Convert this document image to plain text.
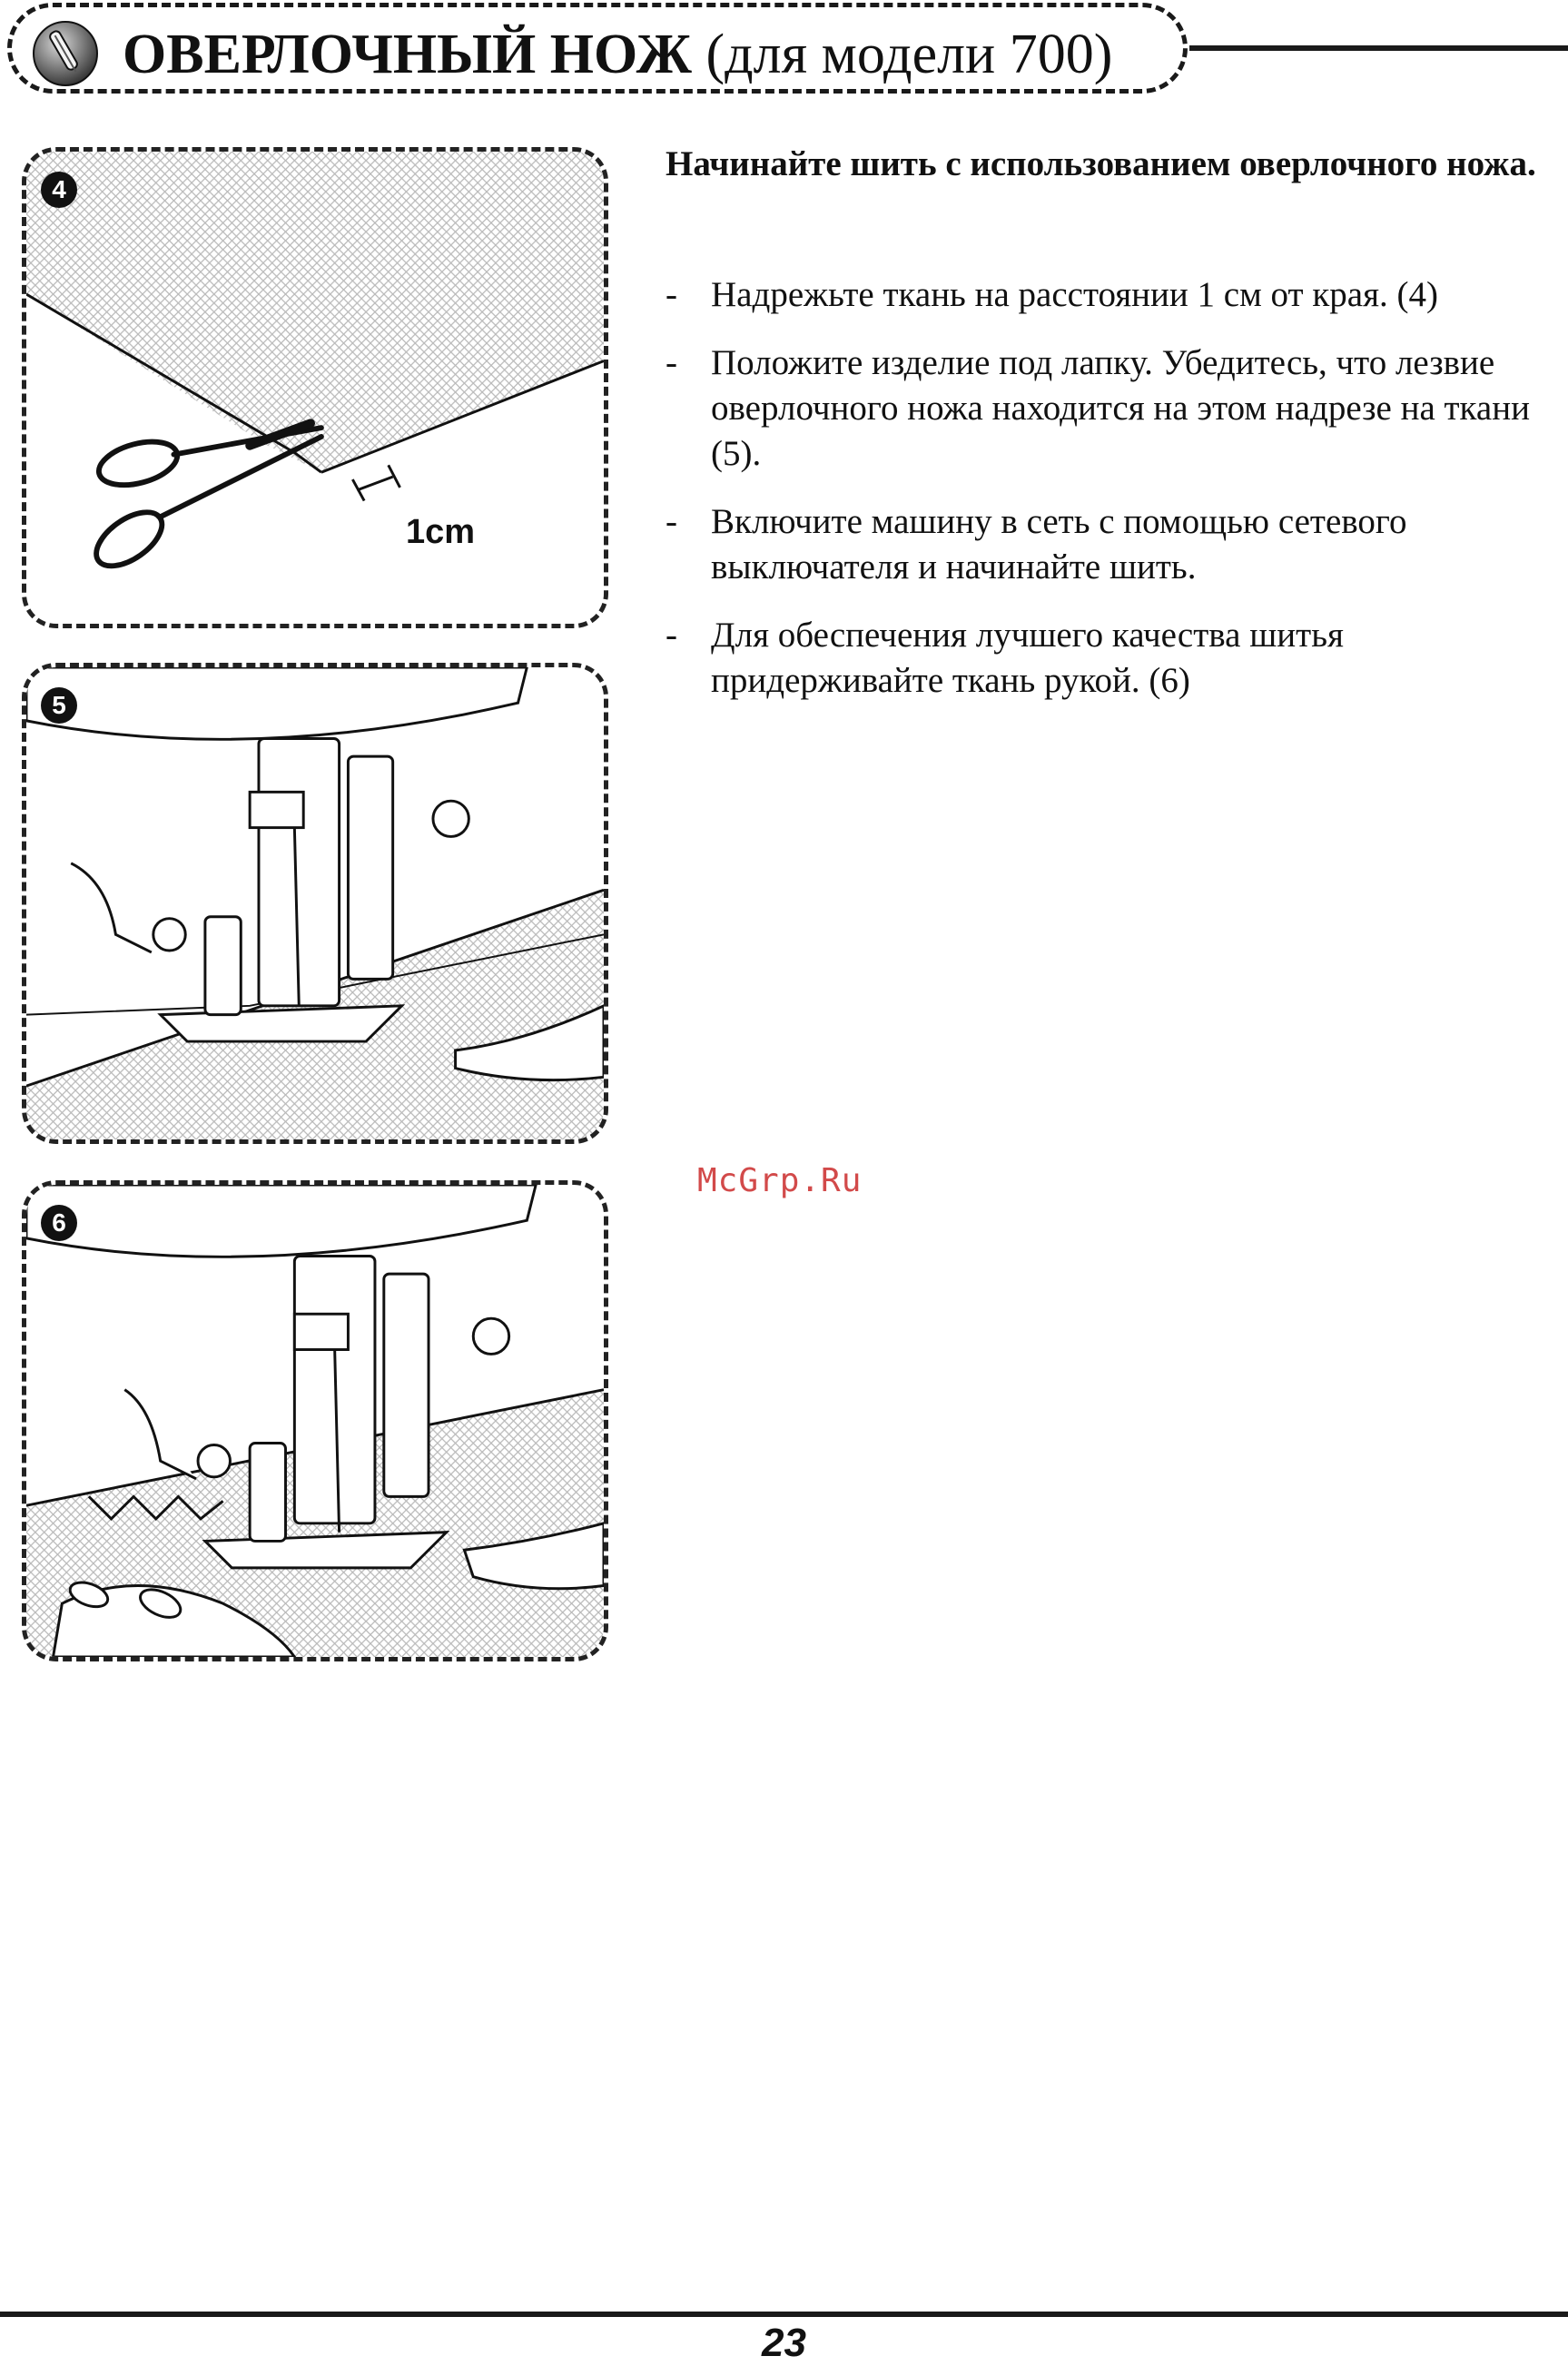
ОВЕРЛОЧНЫЙ НОЖ (для модели 700)
4
1cm
5
6
Начинайте шить с использованием оверлочного ножа.
- Надрежьте ткань на расстоянии 1 см от края. (4)
- Положите изделие под лапку. Убедитесь, что лезвие оверлочного ножа находится на этом надрезе на ткани (5).
- Включите машину в сеть с помощью сетевого выключателя и начинайте шить.
- Для обеспечения лучшего качества шитья придерживайте ткань рукой. (6)
McGrp.Ru
23
